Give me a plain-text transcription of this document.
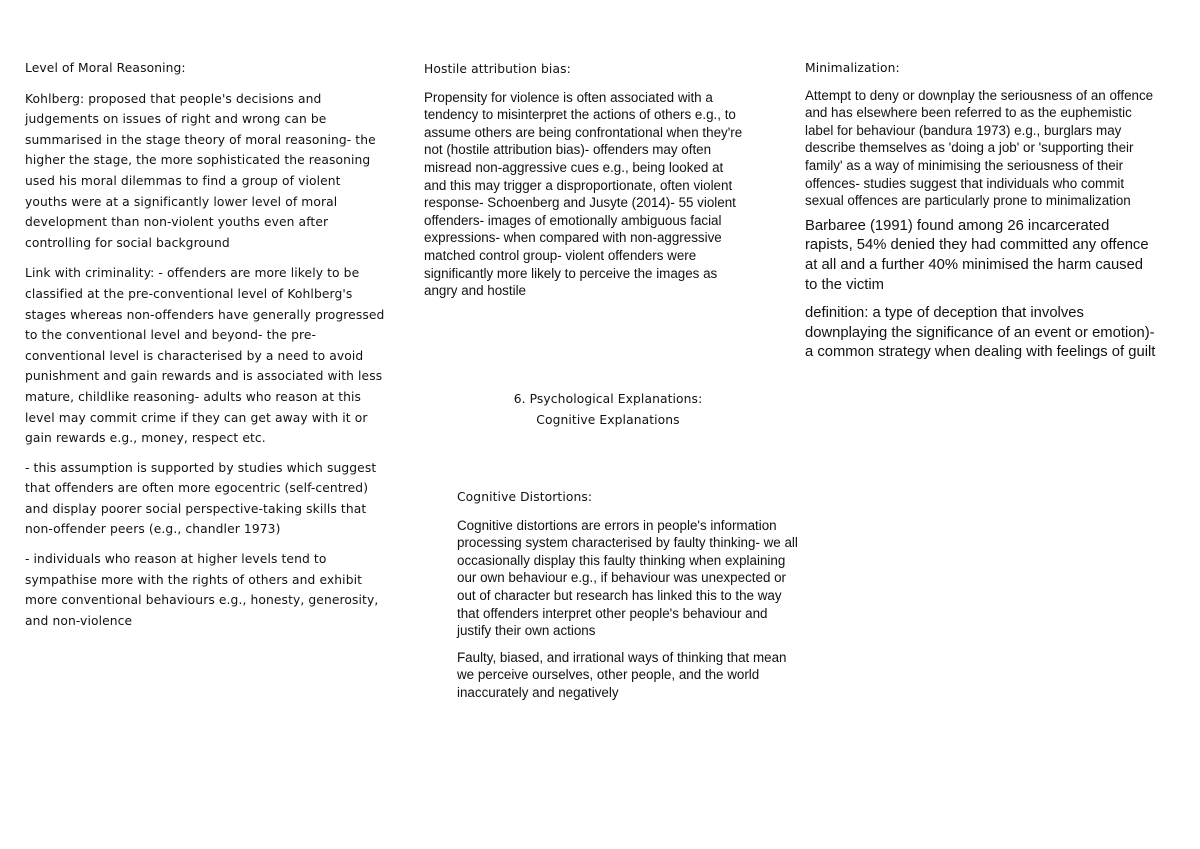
Level of Moral Reasoning:

Kohlberg: proposed that people's decisions and judgements on issues of right and wrong can be summarised in the stage theory of moral reasoning- the higher the stage, the more sophisticated the reasoning used his moral dilemmas to find a group of violent youths were at a significantly lower level of moral development than non-violent youths even after controlling for social background

Link with criminality: - offenders are more likely to be classified at the pre-conventional level of Kohlberg's stages whereas non-offenders have generally progressed to the conventional level and beyond- the pre-conventional level is characterised by a need to avoid punishment and gain rewards and is associated with less mature, childlike reasoning- adults who reason at this level may commit crime if they can get away with it or gain rewards e.g., money, respect etc.

- this assumption is supported by studies which suggest that offenders are often more egocentric (self-centred) and display poorer social perspective-taking skills that non-offender peers (e.g., chandler 1973)

- individuals who reason at higher levels tend to sympathise more with the rights of others and exhibit more conventional behaviours e.g., honesty, generosity, and non-violence

Hostile attribution bias:

Propensity for violence is often associated with a tendency to misinterpret the actions of others e.g., to assume others are being confrontational when they're not (hostile attribution bias)- offenders may often misread non-aggressive cues e.g., being looked at and this may trigger a disproportionate, often violent response- Schoenberg and Jusyte (2014)- 55 violent offenders- images of emotionally ambiguous facial expressions- when compared with non-aggressive matched control group- violent offenders were significantly more likely to perceive the images as angry and hostile

6. Psychological Explanations:

Cognitive Explanations

Cognitive Distortions:

Cognitive distortions are errors in people's information processing system characterised by faulty thinking- we all occasionally display this faulty thinking when explaining our own behaviour e.g., if behaviour was unexpected or out of character but research has linked this to the way that offenders interpret other people's behaviour and justify their own actions

Faulty, biased, and irrational ways of thinking that mean we perceive ourselves, other people, and the world inaccurately and negatively

Minimalization:

Attempt to deny or downplay the seriousness of an offence and has elsewhere been referred to as the euphemistic label for behaviour (bandura 1973) e.g., burglars may describe themselves as 'doing a job' or 'supporting their family' as a way of minimising the seriousness of their offences- studies suggest that individuals who commit sexual offences are particularly prone to minimalization

Barbaree (1991) found among 26 incarcerated rapists, 54% denied they had committed any offence at all and a further 40% minimised the harm caused to the victim

definition: a type of deception that involves downplaying the significance of an event or emotion)- a common strategy when dealing with feelings of guilt
